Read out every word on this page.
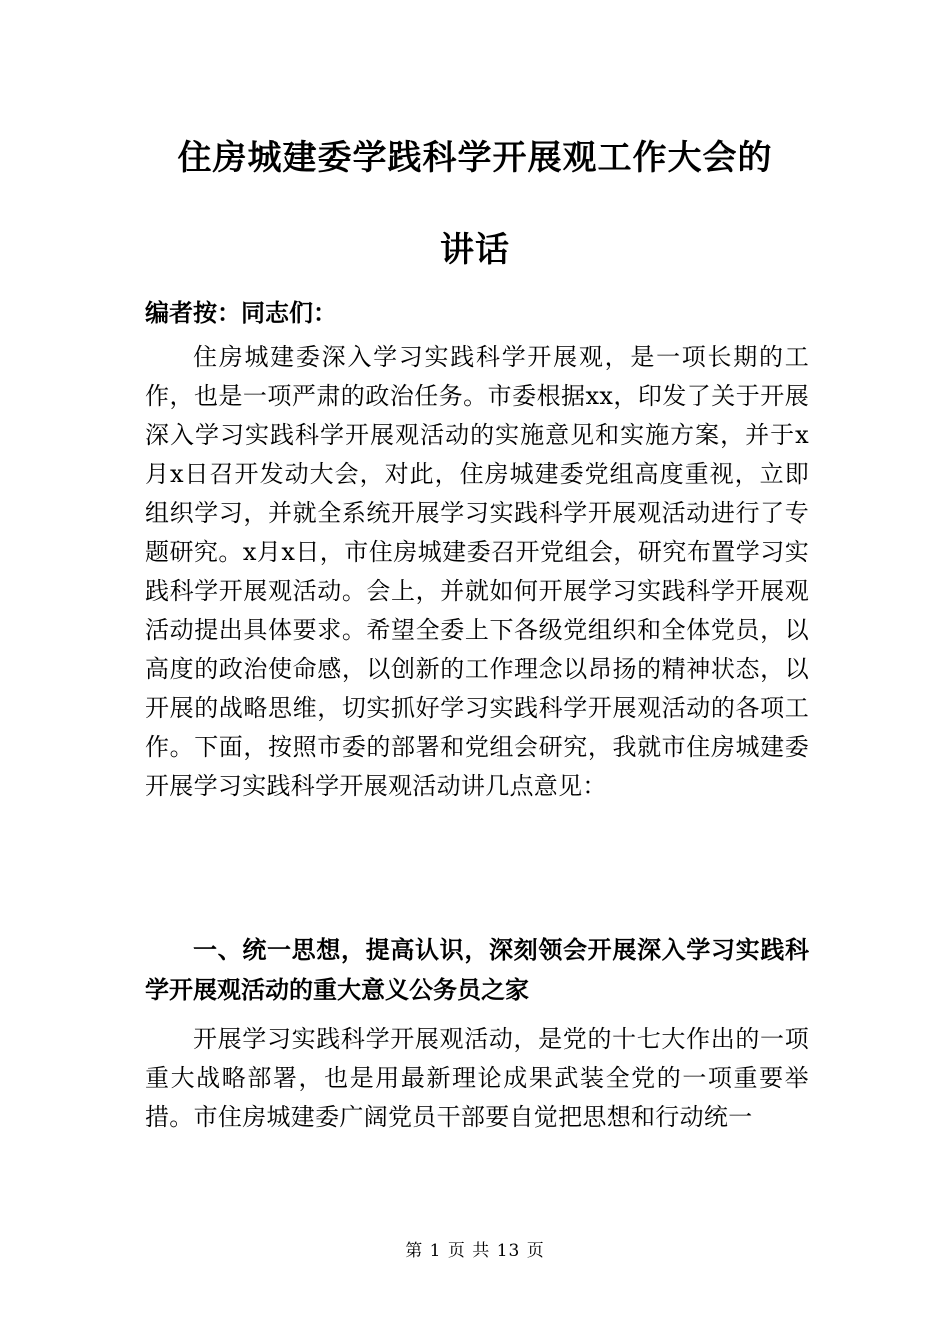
住房城建委学践科学开展观工作大会的
讲话
编者按：同志们：
住房城建委深入学习实践科学开展观，是一项长期的工作，也是一项严肃的政治任务。市委根据xx，印发了关于开展深入学习实践科学开展观活动的实施意见和实施方案，并于x月x日召开发动大会，对此，住房城建委党组高度重视，立即组织学习，并就全系统开展学习实践科学开展观活动进行了专题研究。x月x日，市住房城建委召开党组会，研究布置学习实践科学开展观活动。会上，并就如何开展学习实践科学开展观活动提出具体要求。希望全委上下各级党组织和全体党员，以高度的政治使命感，以创新的工作理念以昂扬的精神状态，以开展的战略思维，切实抓好学习实践科学开展观活动的各项工作。下面，按照市委的部署和党组会研究，我就市住房城建委开展学习实践科学开展观活动讲几点意见：
一、统一思想，提高认识，深刻领会开展深入学习实践科学开展观活动的重大意义公务员之家
开展学习实践科学开展观活动，是党的十七大作出的一项重大战略部署，也是用最新理论成果武装全党的一项重要举措。市住房城建委广阔党员干部要自觉把思想和行动统一
第 1 页 共 13 页
